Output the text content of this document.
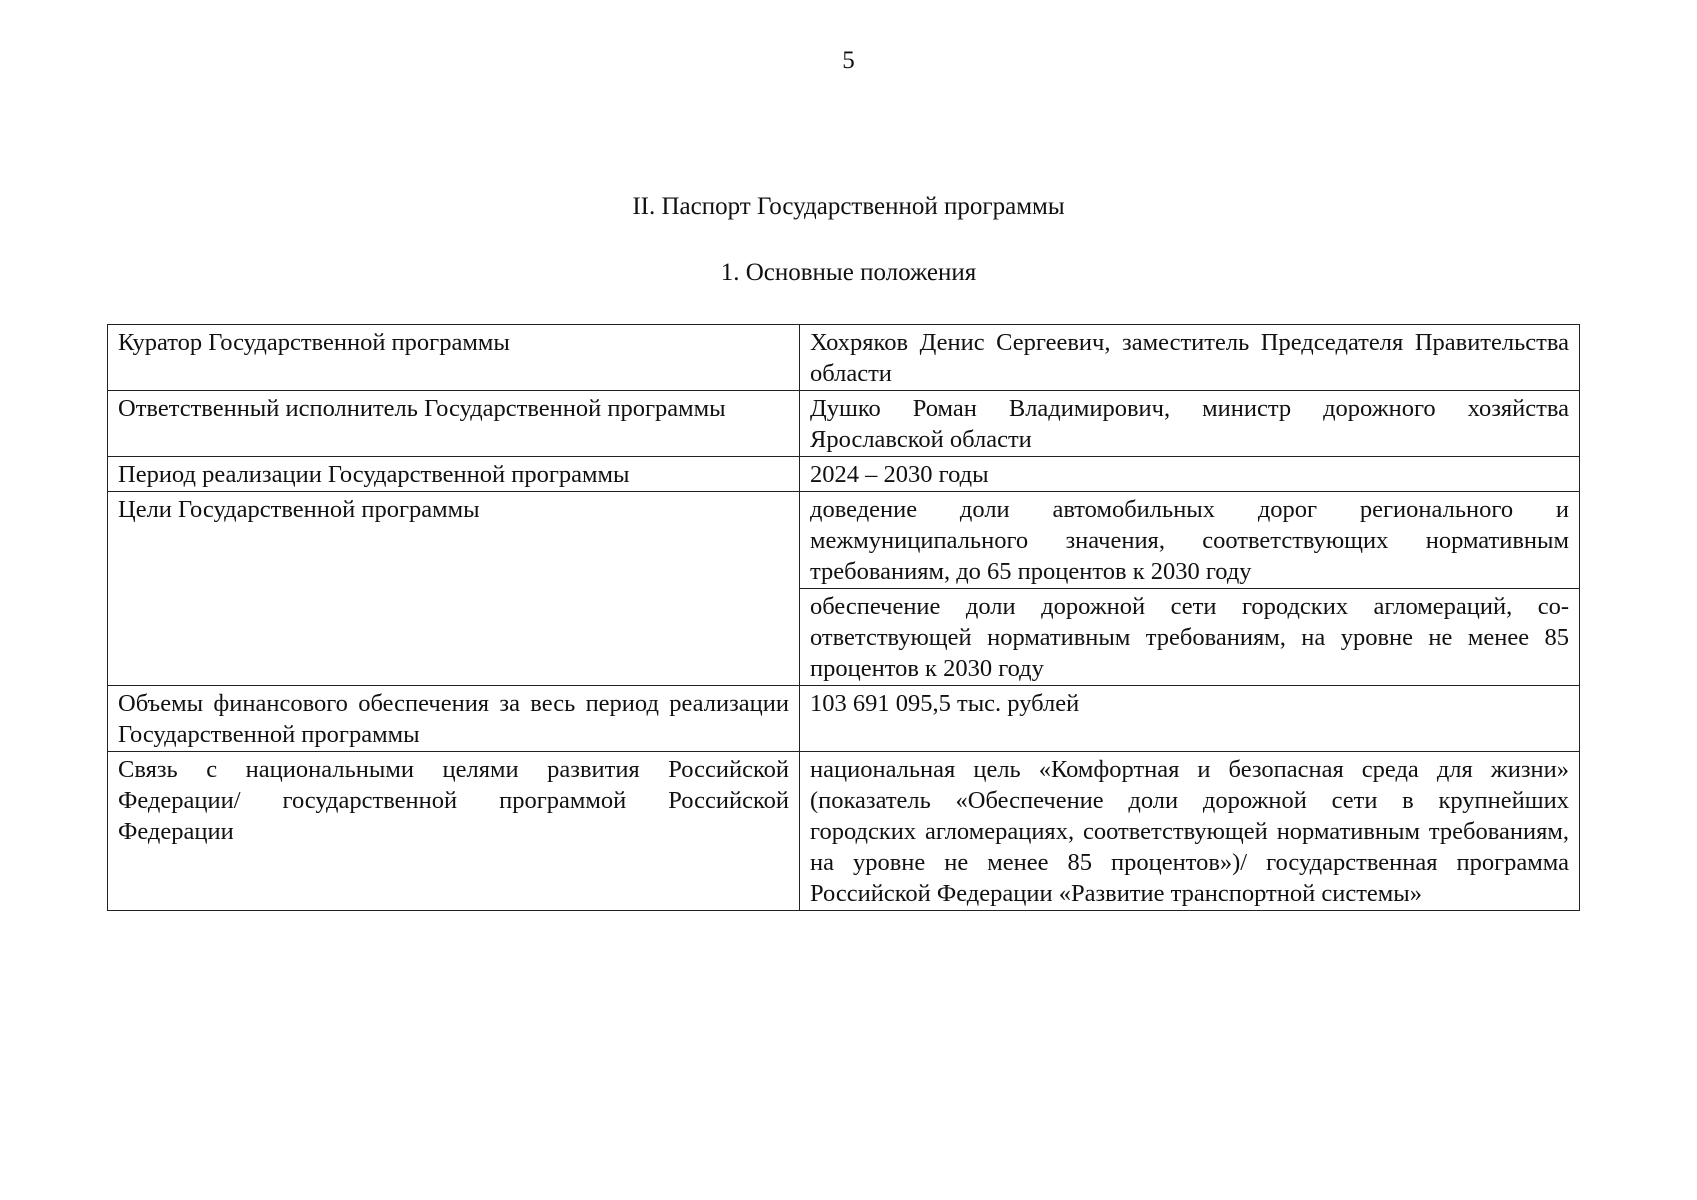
5
II. Паспорт Государственной программы
1. Основные положения
Куратор Государственной программы	Хохряков Денис Сергеевич, заместитель Председателя Правительства области
Ответственный исполнитель Государственной программы	Душко Роман Владимирович, министр дорожного хозяйства Ярославской области
Период реализации Государственной программы	2024 – 2030 годы
Цели Государственной программы	доведение доли автомобильных дорог регионального и межмуниципального значения, соответствующих нормативным требованиям, до 65 процентов к 2030 году
	обеспечение доли дорожной сети городских агломераций, соответствующей нормативным требованиям, на уровне не менее 85 процентов к 2030 году
Объемы финансового обеспечения за весь период реализации Государственной программы	103 691 095,5 тыс. рублей
Связь с национальными целями развития Российской Федерации/ государственной программой Российской Федерации	национальная цель «Комфортная и безопасная среда для жизни» (показатель «Обеспечение доли дорожной сети в крупнейших городских агломерациях, соответствующей нормативным требованиям, на уровне не менее 85 процентов»)/ государственная программа Российской Федерации «Развитие транспортной системы»
